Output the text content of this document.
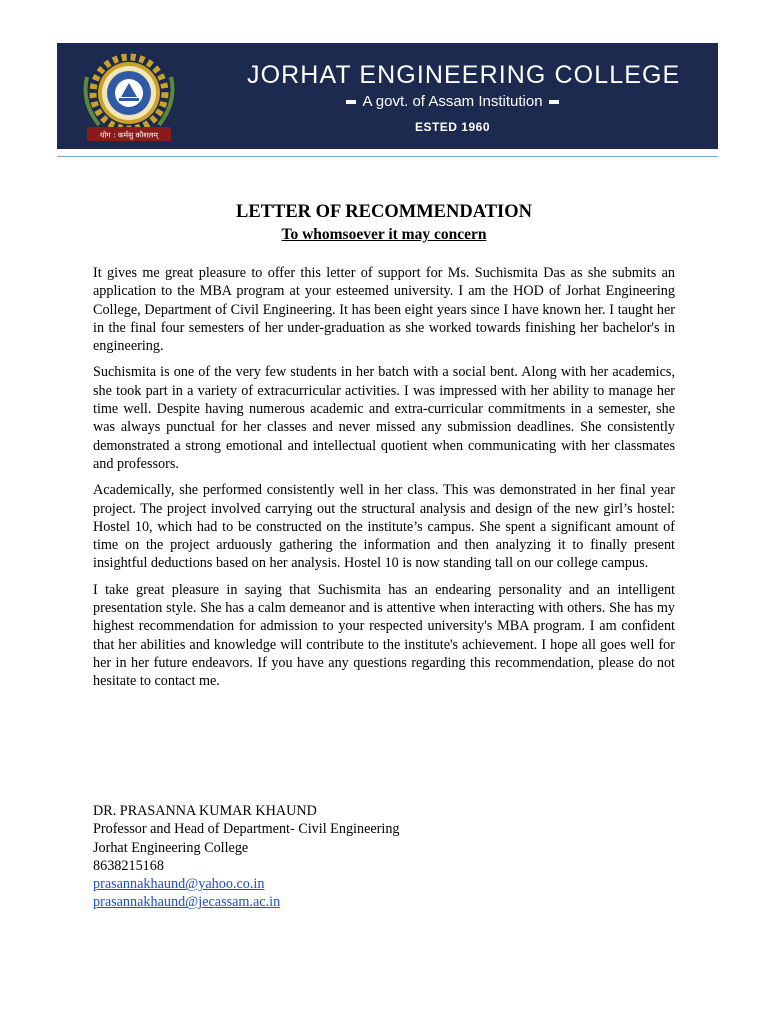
योग : कर्मसु कौशलम्
JORHAT ENGINEERING COLLEGE
A govt. of Assam Institution
ESTED 1960
LETTER OF RECOMMENDATION
To whomsoever it may concern

It gives me great pleasure to offer this letter of support for Ms. Suchismita Das as she submits an application to the MBA program at your esteemed university. I am the HOD of Jorhat Engineering College, Department of Civil Engineering. It has been eight years since I have known her. I taught her in the final four semesters of her under-graduation as she worked towards finishing her bachelor's in engineering.

Suchismita is one of the very few students in her batch with a social bent. Along with her academics, she took part in a variety of extracurricular activities. I was impressed with her ability to manage her time well. Despite having numerous academic and extra-curricular commitments in a semester, she was always punctual for her classes and never missed any submission deadlines. She consistently demonstrated a strong emotional and intellectual quotient when communicating with her classmates and professors.

Academically, she performed consistently well in her class. This was demonstrated in her final year project. The project involved carrying out the structural analysis and design of the new girl’s hostel: Hostel 10, which had to be constructed on the institute’s campus. She spent a significant amount of time on the project arduously gathering the information and then analyzing it to finally present insightful deductions based on her analysis. Hostel 10 is now standing tall on our college campus.

I take great pleasure in saying that Suchismita has an endearing personality and an intelligent presentation style. She has a calm demeanor and is attentive when interacting with others. She has my highest recommendation for admission to your respected university's MBA program. I am confident that her abilities and knowledge will contribute to the institute's achievement. I hope all goes well for her in her future endeavors. If you have any questions regarding this recommendation, please do not hesitate to contact me.

DR. PRASANNA KUMAR KHAUND
Professor and Head of Department- Civil Engineering
Jorhat Engineering College
8638215168
prasannakhaund@yahoo.co.in
prasannakhaund@jecassam.ac.in
